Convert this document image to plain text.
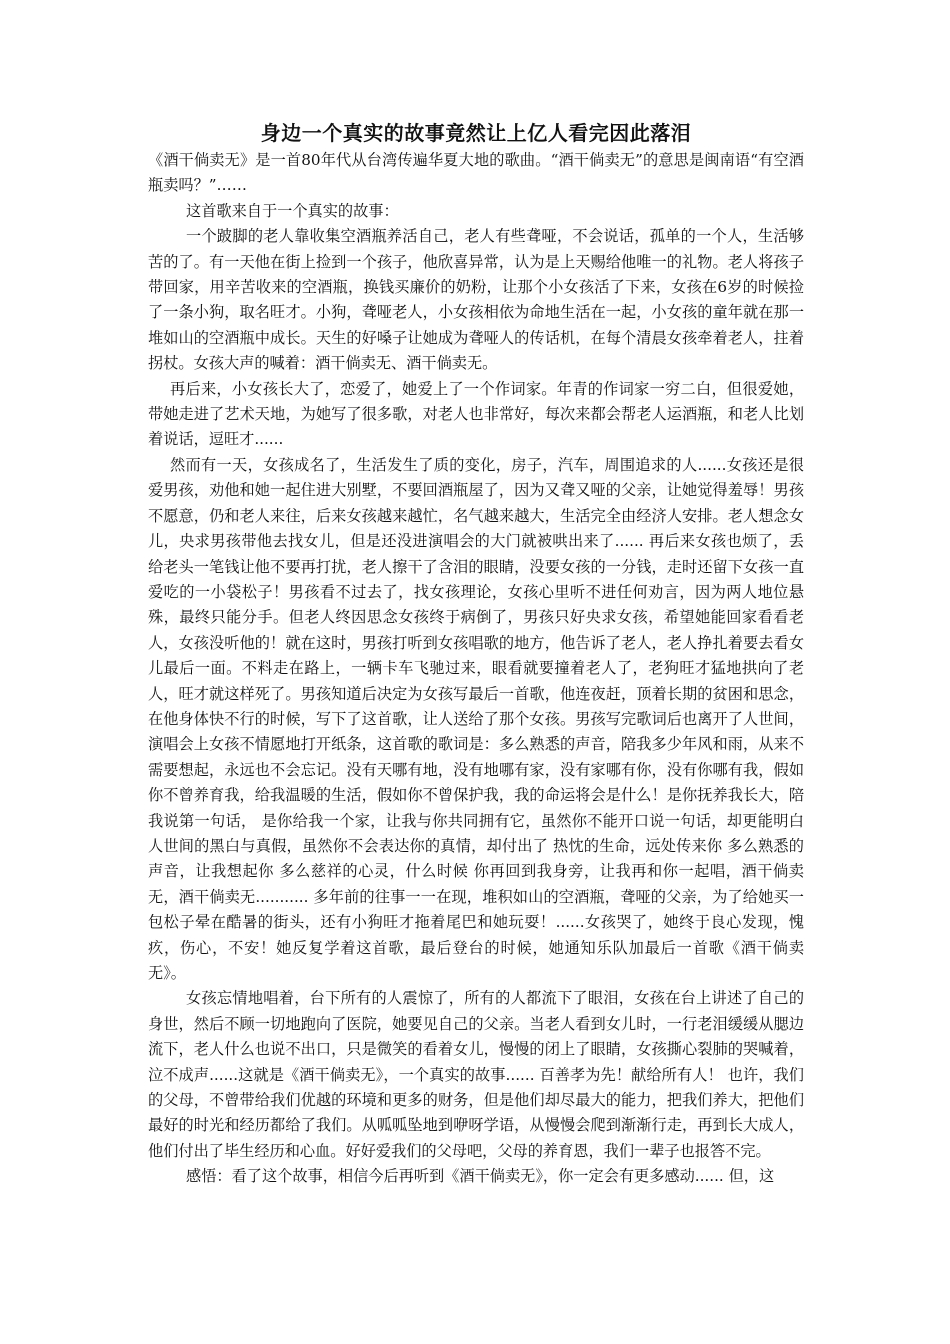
身边一个真实的故事竟然让上亿人看完因此落泪

《酒干倘卖无》是一首80年代从台湾传遍华夏大地的歌曲。“酒干倘卖无”的意思是闽南语“有空酒瓶卖吗？”……

这首歌来自于一个真实的故事：

一个跛脚的老人靠收集空酒瓶养活自己，老人有些聋哑，不会说话，孤单的一个人，生活够苦的了。有一天他在街上捡到一个孩子，他欣喜异常，认为是上天赐给他唯一的礼物。老人将孩子带回家，用辛苦收来的空酒瓶，换钱买廉价的奶粉，让那个小女孩活了下来，女孩在6岁的时候捡了一条小狗，取名旺才。小狗，聋哑老人，小女孩相依为命地生活在一起，小女孩的童年就在那一堆如山的空酒瓶中成长。天生的好嗓子让她成为聋哑人的传话机，在每个清晨女孩牵着老人，拄着拐杖。女孩大声的喊着：酒干倘卖无、酒干倘卖无。

再后来，小女孩长大了，恋爱了，她爱上了一个作词家。年青的作词家一穷二白，但很爱她，带她走进了艺术天地，为她写了很多歌，对老人也非常好，每次来都会帮老人运酒瓶，和老人比划着说话，逗旺才......

然而有一天，女孩成名了，生活发生了质的变化，房子，汽车，周围追求的人......女孩还是很爱男孩，劝他和她一起住进大别墅，不要回酒瓶屋了，因为又聋又哑的父亲，让她觉得羞辱！男孩不愿意，仍和老人来往，后来女孩越来越忙，名气越来越大，生活完全由经济人安排。老人想念女儿，央求男孩带他去找女儿，但是还没进演唱会的大门就被哄出来了...... 再后来女孩也烦了，丢给老头一笔钱让他不要再打扰，老人擦干了含泪的眼睛，没要女孩的一分钱，走时还留下女孩一直爱吃的一小袋松子！男孩看不过去了，找女孩理论，女孩心里听不进任何劝言，因为两人地位悬殊，最终只能分手。但老人终因思念女孩终于病倒了，男孩只好央求女孩，希望她能回家看看老人，女孩没听他的！就在这时，男孩打听到女孩唱歌的地方，他告诉了老人，老人挣扎着要去看女儿最后一面。不料走在路上，一辆卡车飞驰过来，眼看就要撞着老人了，老狗旺才猛地拱向了老人，旺才就这样死了。男孩知道后决定为女孩写最后一首歌，他连夜赶，顶着长期的贫困和思念，在他身体快不行的时候，写下了这首歌，让人送给了那个女孩。男孩写完歌词后也离开了人世间，演唱会上女孩不情愿地打开纸条，这首歌的歌词是：多么熟悉的声音，陪我多少年风和雨，从来不需要想起，永远也不会忘记。没有天哪有地，没有地哪有家，没有家哪有你，没有你哪有我，假如你不曾养育我，给我温暖的生活，假如你不曾保护我，我的命运将会是什么！是你抚养我长大，陪我说第一句话， 是你给我一个家，让我与你共同拥有它，虽然你不能开口说一句话，却更能明白人世间的黑白与真假，虽然你不会表达你的真情，却付出了 热忱的生命，远处传来你 多么熟悉的声音，让我想起你 多么慈祥的心灵，什么时候 你再回到我身旁，让我再和你一起唱，酒干倘卖无，酒干倘卖无........... 多年前的往事一一在现，堆积如山的空酒瓶，聋哑的父亲，为了给她买一包松子晕在酷暑的街头，还有小狗旺才拖着尾巴和她玩耍！......女孩哭了，她终于良心发现，愧疚，伤心，不安！她反复学着这首歌，最后登台的时候，她通知乐队加最后一首歌《酒干倘卖无》。

女孩忘情地唱着，台下所有的人震惊了，所有的人都流下了眼泪，女孩在台上讲述了自己的身世，然后不顾一切地跑向了医院，她要见自己的父亲。当老人看到女儿时，一行老泪缓缓从腮边流下，老人什么也说不出口，只是微笑的看着女儿，慢慢的闭上了眼睛，女孩撕心裂肺的哭喊着，泣不成声......这就是《酒干倘卖无》，一个真实的故事...... 百善孝为先！献给所有人！ 也许，我们的父母，不曾带给我们优越的环境和更多的财务，但是他们却尽最大的能力，把我们养大，把他们最好的时光和经历都给了我们。从呱呱坠地到咿呀学语，从慢慢会爬到渐渐行走，再到长大成人，他们付出了毕生经历和心血。好好爱我们的父母吧，父母的养育恩，我们一辈子也报答不完。

感悟：看了这个故事，相信今后再听到《酒干倘卖无》，你一定会有更多感动...... 但，这
